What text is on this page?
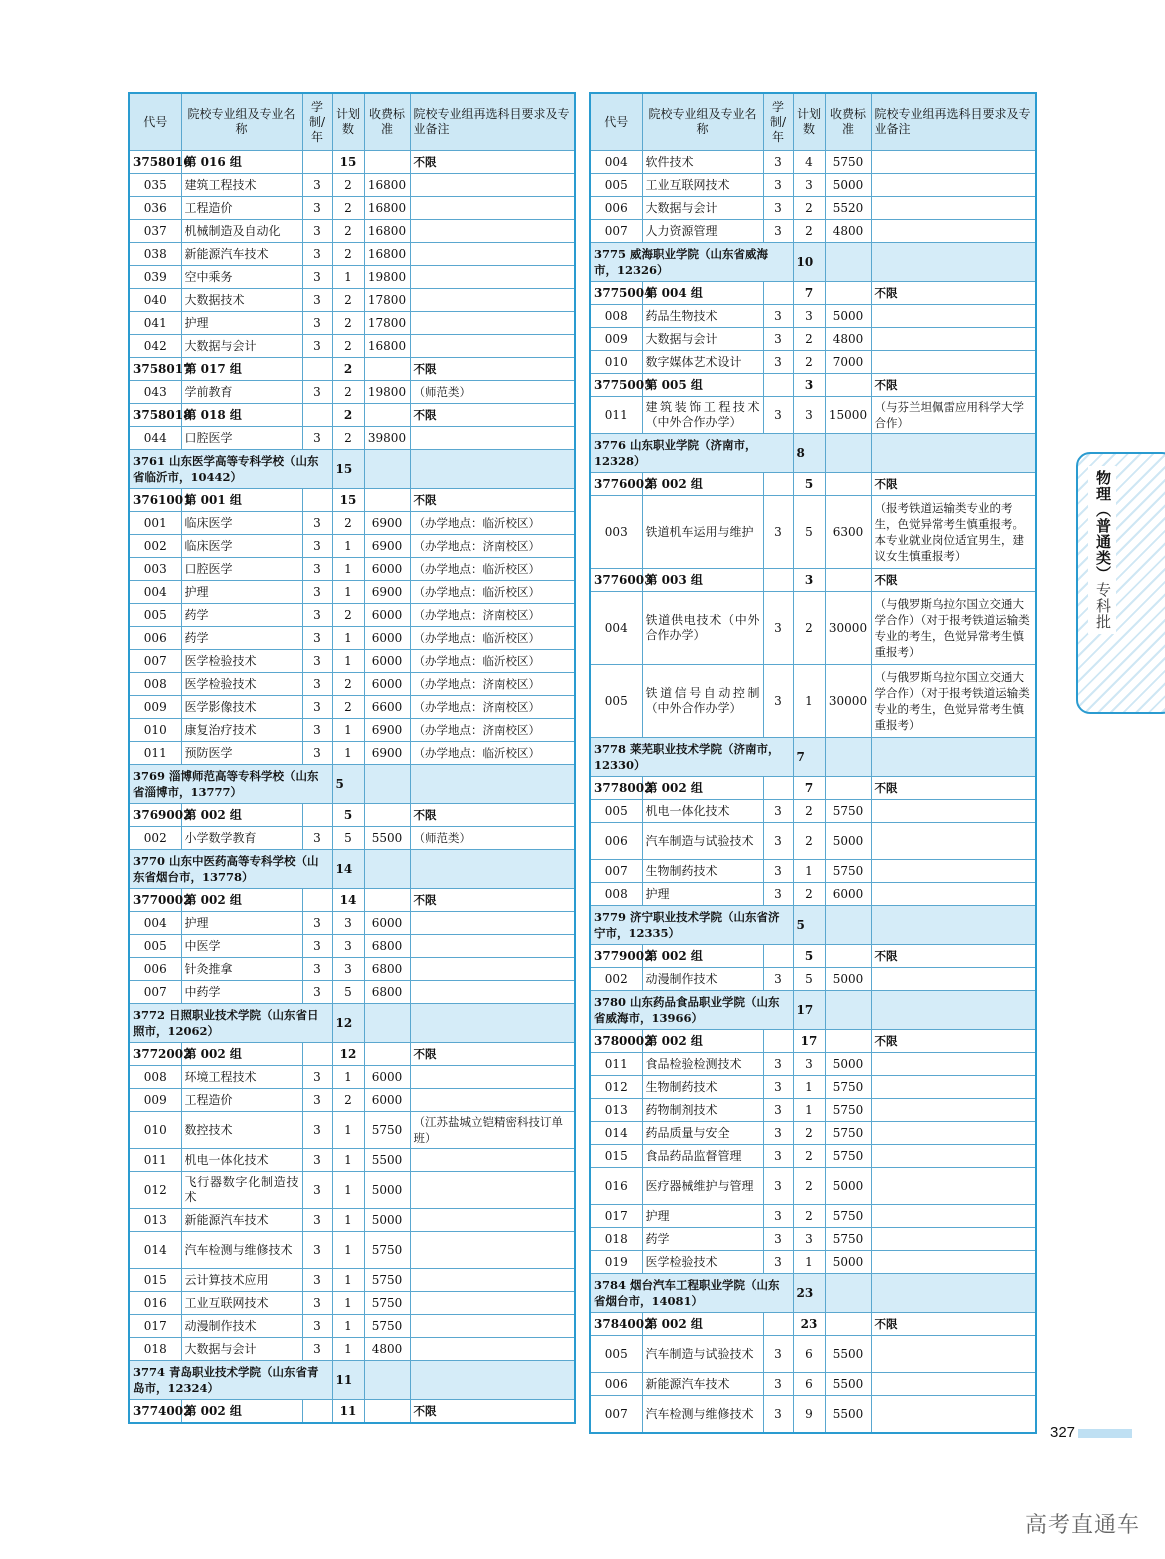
代号	院校专业组及专业名称	学制/年	计划数	收费标准	院校专业组再选科目要求及专业备注
3758016	第 016 组		15		不限
035	建筑工程技术	3	2	16800	
036	工程造价	3	2	16800	
037	机械制造及自动化	3	2	16800	
038	新能源汽车技术	3	2	16800	
039	空中乘务	3	1	19800	
040	大数据技术	3	2	17800	
041	护理	3	2	17800	
042	大数据与会计	3	2	16800	
3758017	第 017 组		2		不限
043	学前教育	3	2	19800	（师范类）
3758018	第 018 组		2		不限
044	口腔医学	3	2	39800	
3761 山东医学高等专科学校（山东省临沂市，10442）			15		
3761001	第 001 组		15		不限
001	临床医学	3	2	6900	（办学地点：临沂校区）
002	临床医学	3	1	6900	（办学地点：济南校区）
003	口腔医学	3	1	6000	（办学地点：临沂校区）
004	护理	3	1	6900	（办学地点：临沂校区）
005	药学	3	2	6000	（办学地点：济南校区）
006	药学	3	1	6000	（办学地点：临沂校区）
007	医学检验技术	3	1	6000	（办学地点：临沂校区）
008	医学检验技术	3	2	6000	（办学地点：济南校区）
009	医学影像技术	3	2	6600	（办学地点：济南校区）
010	康复治疗技术	3	1	6900	（办学地点：济南校区）
011	预防医学	3	1	6900	（办学地点：临沂校区）
3769 淄博师范高等专科学校（山东省淄博市，13777）			5		
3769002	第 002 组		5		不限
002	小学数学教育	3	5	5500	（师范类）
3770 山东中医药高等专科学校（山东省烟台市，13778）			14		
3770002	第 002 组		14		不限
004	护理	3	3	6000	
005	中医学	3	3	6800	
006	针灸推拿	3	3	6800	
007	中药学	3	5	6800	
3772 日照职业技术学院（山东省日照市，12062）			12		
3772002	第 002 组		12		不限
008	环境工程技术	3	1	6000	
009	工程造价	3	2	6000	
010	数控技术	3	1	5750	（江苏盐城立铠精密科技订单班）
011	机电一体化技术	3	1	5500	
012	飞行器数字化制造技术	3	1	5000	
013	新能源汽车技术	3	1	5000	
014	汽车检测与维修技术	3	1	5750	
015	云计算技术应用	3	1	5750	
016	工业互联网技术	3	1	5750	
017	动漫制作技术	3	1	5750	
018	大数据与会计	3	1	4800	
3774 青岛职业技术学院（山东省青岛市，12324）			11		
3774002	第 002 组		11		不限
代号	院校专业组及专业名称	学制/年	计划数	收费标准	院校专业组再选科目要求及专业备注
004	软件技术	3	4	5750	
005	工业互联网技术	3	3	5000	
006	大数据与会计	3	2	5520	
007	人力资源管理	3	2	4800	
3775 威海职业学院（山东省威海市，12326）			10		
3775004	第 004 组		7		不限
008	药品生物技术	3	3	5000	
009	大数据与会计	3	2	4800	
010	数字媒体艺术设计	3	2	7000	
3775005	第 005 组		3		不限
011	建筑装饰工程技术（中外合作办学）	3	3	15000	（与芬兰坦佩雷应用科学大学合作）
3776 山东职业学院（济南市，12328）			8		
3776002	第 002 组		5		不限
003	铁道机车运用与维护	3	5	6300	（报考铁道运输类专业的考生，色觉异常考生慎重报考。本专业就业岗位适宜男生，建议女生慎重报考）
3776003	第 003 组		3		不限
004	铁道供电技术（中外合作办学）	3	2	30000	（与俄罗斯乌拉尔国立交通大学合作）（对于报考铁道运输类专业的考生，色觉异常考生慎重报考）
005	铁道信号自动控制（中外合作办学）	3	1	30000	（与俄罗斯乌拉尔国立交通大学合作）（对于报考铁道运输类专业的考生，色觉异常考生慎重报考）
3778 莱芜职业技术学院（济南市，12330）			7		
3778002	第 002 组		7		不限
005	机电一体化技术	3	2	5750	
006	汽车制造与试验技术	3	2	5000	
007	生物制药技术	3	1	5750	
008	护理	3	2	6000	
3779 济宁职业技术学院（山东省济宁市，12335）			5		
3779002	第 002 组		5		不限
002	动漫制作技术	3	5	5000	
3780 山东药品食品职业学院（山东省威海市，13966）			17		
3780002	第 002 组		17		不限
011	食品检验检测技术	3	3	5000	
012	生物制药技术	3	1	5750	
013	药物制剂技术	3	1	5750	
014	药品质量与安全	3	2	5750	
015	食品药品监督管理	3	2	5750	
016	医疗器械维护与管理	3	2	5000	
017	护理	3	2	5750	
018	药学	3	3	5750	
019	医学检验技术	3	1	5000	
3784 烟台汽车工程职业学院（山东省烟台市，14081）			23		
3784002	第 002 组		23		不限
005	汽车制造与试验技术	3	6	5500	
006	新能源汽车技术	3	6	5500	
007	汽车检测与维修技术	3	9	5500	
物理（普通类）专科批
327
高考直通车
